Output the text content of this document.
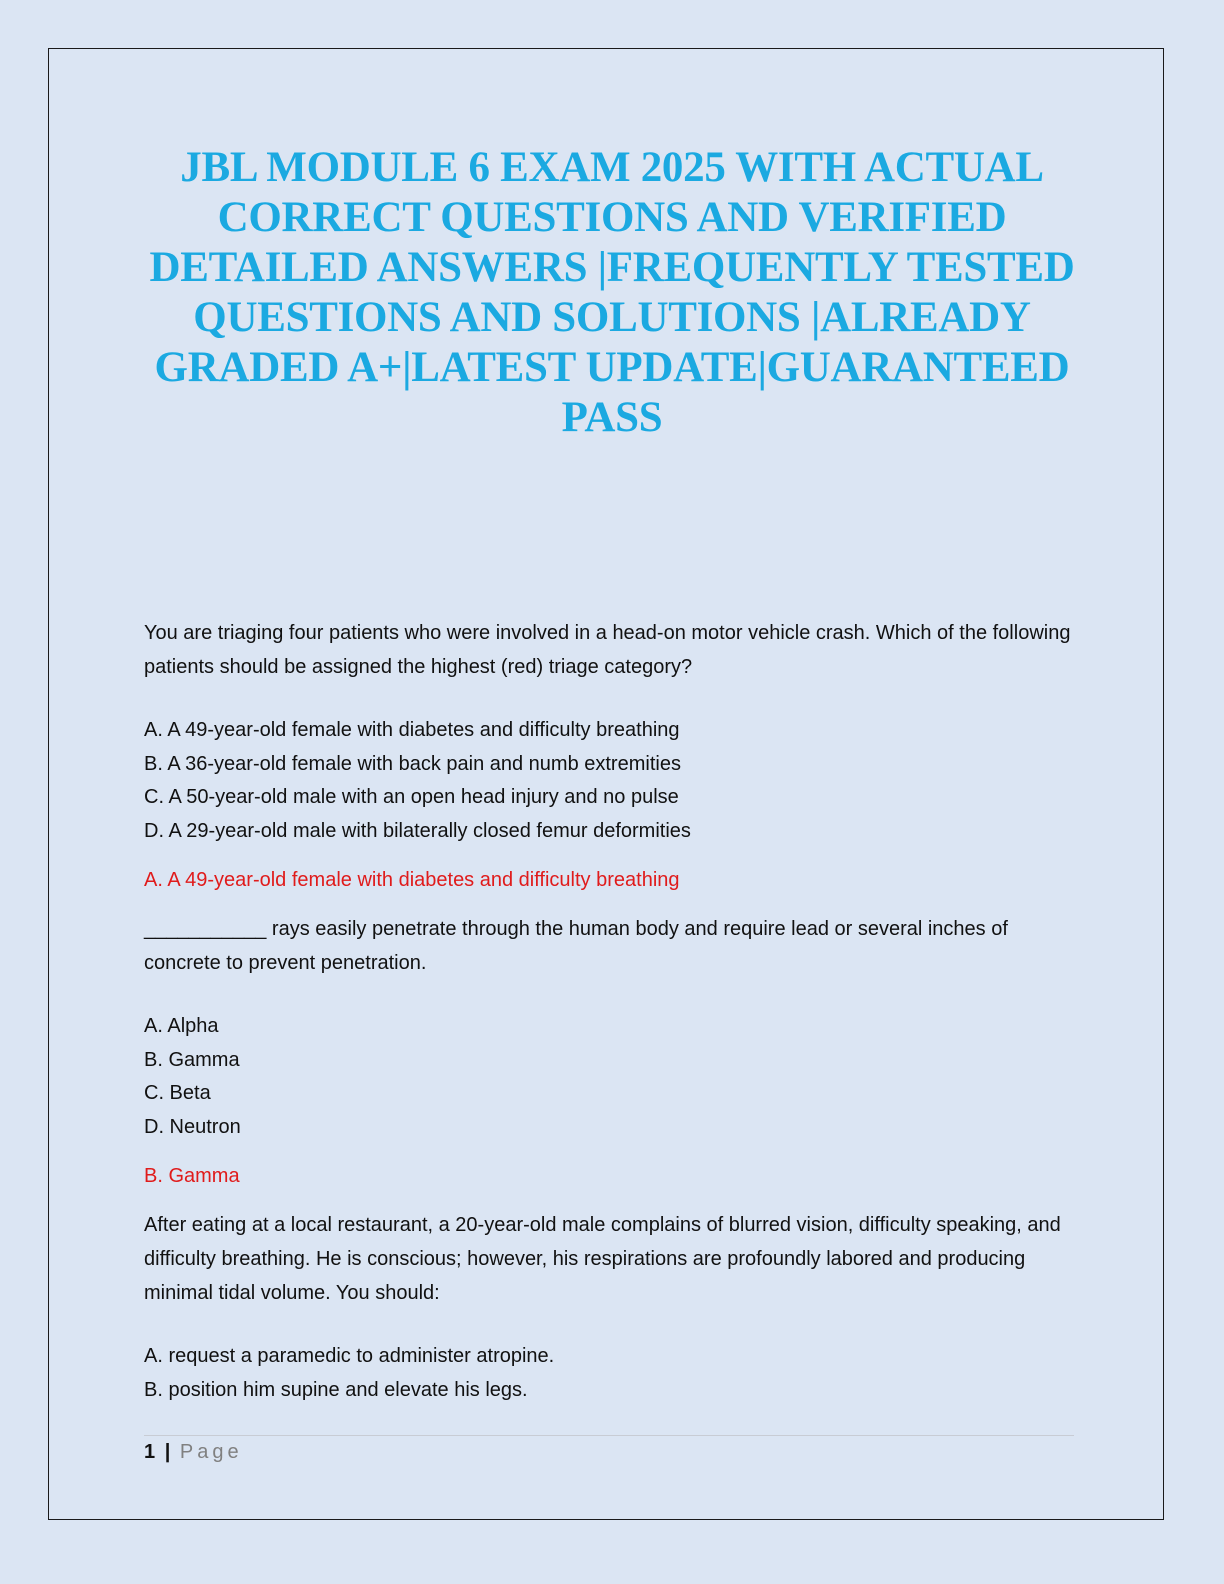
JBL MODULE 6 EXAM 2025 WITH ACTUAL CORRECT QUESTIONS AND VERIFIED DETAILED ANSWERS |FREQUENTLY TESTED QUESTIONS AND SOLUTIONS |ALREADY GRADED A+|LATEST UPDATE|GUARANTEED PASS

You are triaging four patients who were involved in a head-on motor vehicle crash. Which of the following patients should be assigned the highest (red) triage category?

A. A 49-year-old female with diabetes and difficulty breathing
B. A 36-year-old female with back pain and numb extremities
C. A 50-year-old male with an open head injury and no pulse
D. A 29-year-old male with bilaterally closed femur deformities

A. A 49-year-old female with diabetes and difficulty breathing

___________ rays easily penetrate through the human body and require lead or several inches of concrete to prevent penetration.

A. Alpha
B. Gamma
C. Beta
D. Neutron

B. Gamma

After eating at a local restaurant, a 20-year-old male complains of blurred vision, difficulty speaking, and difficulty breathing. He is conscious; however, his respirations are profoundly labored and producing minimal tidal volume. You should:

A. request a paramedic to administer atropine.
B. position him supine and elevate his legs.
1 | Page
